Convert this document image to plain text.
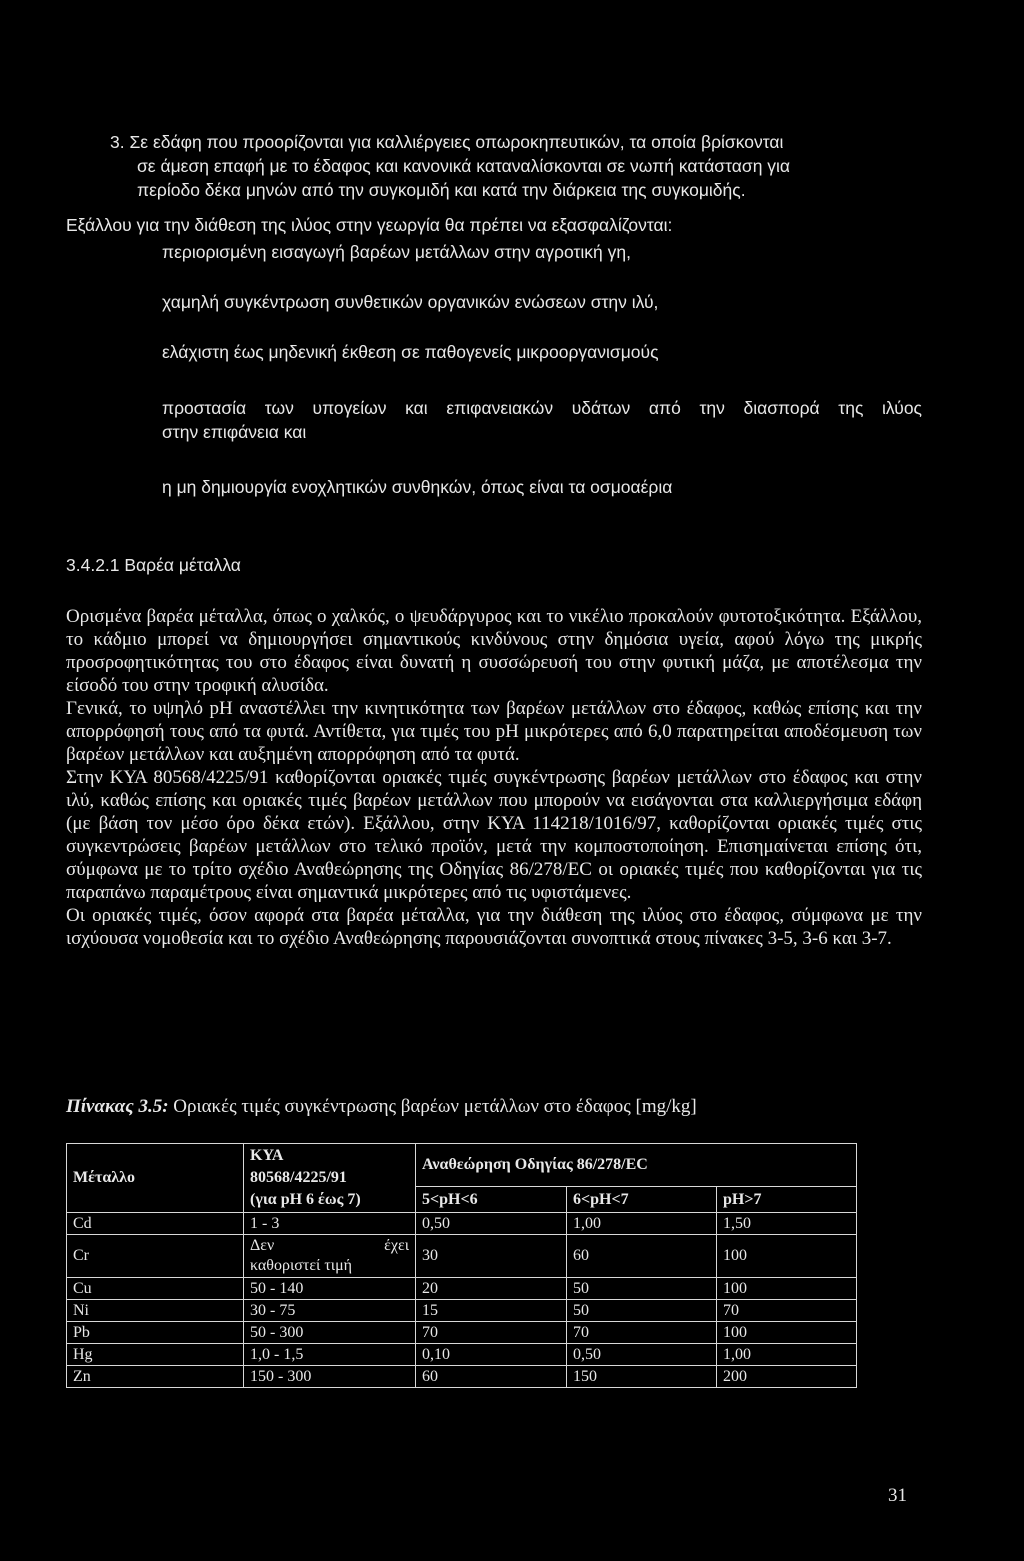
3. Σε εδάφη που προορίζονται για καλλιέργειες οπωροκηπευτικών, τα οποία βρίσκονται

σε άμεση επαφή με το έδαφος και κανονικά καταναλίσκονται σε νωπή κατάσταση για

περίοδο δέκα μηνών από την συγκομιδή και κατά την διάρκεια της συγκομιδής.

Εξάλλου για την διάθεση της ιλύος στην γεωργία θα πρέπει να εξασφαλίζονται:

περιορισμένη εισαγωγή βαρέων μετάλλων στην αγροτική γη,

χαμηλή συγκέντρωση συνθετικών οργανικών ενώσεων στην ιλύ,

ελάχιστη έως μηδενική έκθεση σε παθογενείς μικροοργανισμούς

προστασία των υπογείων και επιφανειακών υδάτων από την διασπορά της ιλύος

στην επιφάνεια και

η μη δημιουργία ενοχλητικών συνθηκών, όπως είναι τα οσμοαέρια

3.4.2.1 Βαρέα μέταλλα

Ορισμένα βαρέα μέταλλα, όπως ο χαλκός, ο ψευδάργυρος και το νικέλιο προκαλούν φυτοτοξικότητα. Εξάλλου, το κάδμιο μπορεί να δημιουργήσει σημαντικούς κινδύνους στην δημόσια υγεία, αφού λόγω της μικρής προσροφητικότητας του στο έδαφος είναι δυνατή η συσσώρευσή του στην φυτική μάζα, με αποτέλεσμα την είσοδό του στην τροφική αλυσίδα.
Γενικά, το υψηλό pH αναστέλλει την κινητικότητα των βαρέων μετάλλων στο έδαφος, καθώς επίσης και την απορρόφησή τους από τα φυτά. Αντίθετα, για τιμές του pH μικρότερες από 6,0 παρατηρείται αποδέσμευση των βαρέων μετάλλων και αυξημένη απορρόφηση από τα φυτά.
Στην ΚΥΑ 80568/4225/91 καθορίζονται οριακές τιμές συγκέντρωσης βαρέων μετάλλων στο έδαφος και στην ιλύ, καθώς επίσης και οριακές τιμές βαρέων μετάλλων που μπορούν να εισάγονται στα καλλιεργήσιμα εδάφη (με βάση τον μέσο όρο δέκα ετών). Εξάλλου, στην ΚΥΑ 114218/1016/97, καθορίζονται οριακές τιμές στις συγκεντρώσεις βαρέων μετάλλων στο τελικό προϊόν, μετά την κομποστοποίηση. Επισημαίνεται επίσης ότι, σύμφωνα με το τρίτο σχέδιο Αναθεώρησης της Οδηγίας 86/278/EC οι οριακές τιμές που καθορίζονται για τις παραπάνω παραμέτρους είναι σημαντικά μικρότερες από τις υφιστάμενες.
Οι οριακές τιμές, όσον αφορά στα βαρέα μέταλλα, για την διάθεση της ιλύος στο έδαφος, σύμφωνα με την ισχύουσα νομοθεσία και το σχέδιο Αναθεώρησης παρουσιάζονται συνοπτικά στους πίνακες 3-5, 3-6 και 3-7.

Πίνακας 3.5: Οριακές τιμές συγκέντρωσης βαρέων μετάλλων στο έδαφος [mg/kg]

Μέταλλο	ΚΥΑ
80568/4225/91
(για pH 6 έως 7)	Αναθεώρηση Οδηγίας 86/278/EC		
		5<pH<6	6<pH<7	pH>7
Cd	1 - 3	0,50	1,00	1,50
Cr	Δεν έχει
καθοριστεί τιμή	30	60	100
Cu	50 - 140	20	50	100
Ni	30 - 75	15	50	70
Pb	50 - 300	70	70	100
Hg	1,0 - 1,5	0,10	0,50	1,00
Zn	150 - 300	60	150	200
31
